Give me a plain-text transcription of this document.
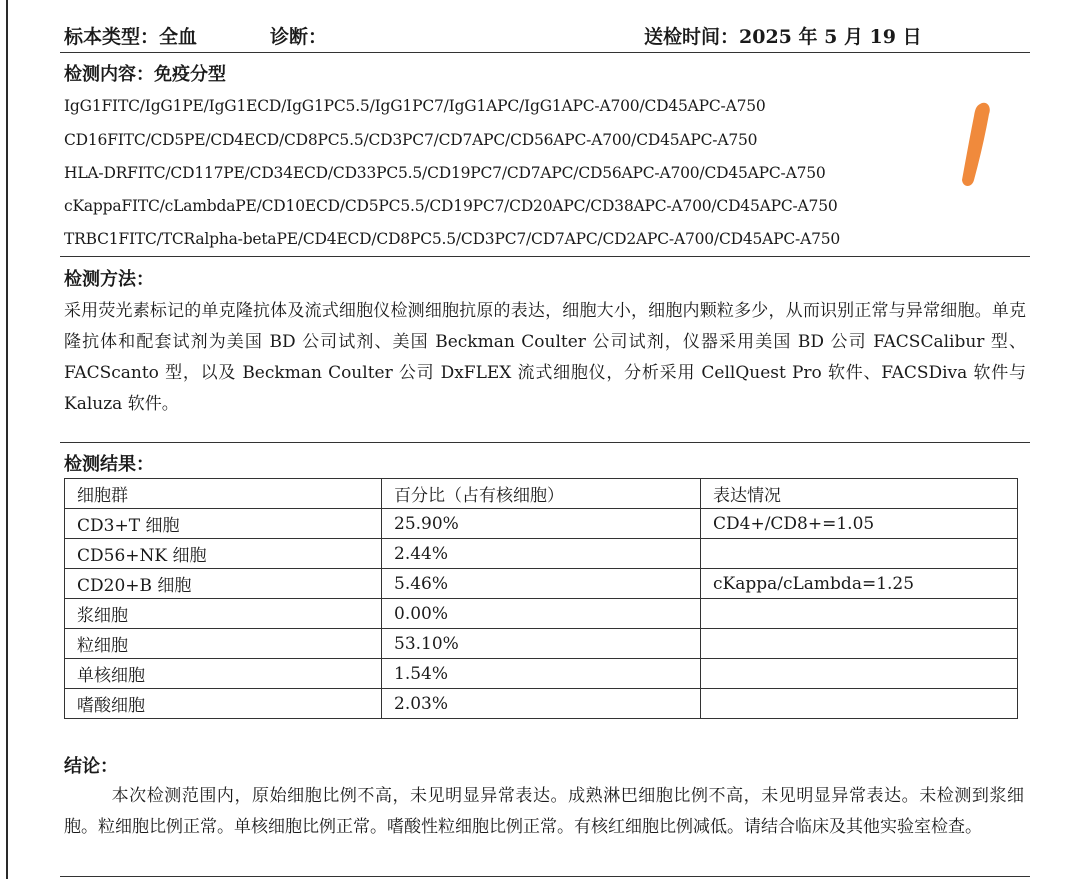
标本类型：全血	诊断：	送检时间：2025 年 5 月 19 日
检测内容：免疫分型
IgG1FITC/IgG1PE/IgG1ECD/IgG1PC5.5/IgG1PC7/IgG1APC/IgG1APC-A700/CD45APC-A750
CD16FITC/CD5PE/CD4ECD/CD8PC5.5/CD3PC7/CD7APC/CD56APC-A700/CD45APC-A750
HLA-DRFITC/CD117PE/CD34ECD/CD33PC5.5/CD19PC7/CD7APC/CD56APC-A700/CD45APC-A750
cKappaFITC/cLambdaPE/CD10ECD/CD5PC5.5/CD19PC7/CD20APC/CD38APC-A700/CD45APC-A750
TRBC1FITC/TCRalpha-betaPE/CD4ECD/CD8PC5.5/CD3PC7/CD7APC/CD2APC-A700/CD45APC-A750
检测方法：
采用荧光素标记的单克隆抗体及流式细胞仪检测细胞抗原的表达，细胞大小，细胞内颗粒多少，从而识别正常与异常细胞。单克隆抗体和配套试剂为美国 BD 公司试剂、美国 Beckman Coulter 公司试剂，仪器采用美国 BD 公司 FACSCalibur 型、FACScanto 型，以及 Beckman Coulter 公司 DxFLEX 流式细胞仪，分析采用 CellQuest Pro 软件、FACSDiva 软件与 Kaluza 软件。
检测结果：
细胞群	百分比（占有核细胞）	表达情况
CD3+T 细胞	25.90%	CD4+/CD8+=1.05
CD56+NK 细胞	2.44%	
CD20+B 细胞	5.46%	cKappa/cLambda=1.25
浆细胞	0.00%	
粒细胞	53.10%	
单核细胞	1.54%	
嗜酸细胞	2.03%	
结论：
本次检测范围内，原始细胞比例不高，未见明显异常表达。成熟淋巴细胞比例不高，未见明显异常表达。未检测到浆细胞。粒细胞比例正常。单核细胞比例正常。嗜酸性粒细胞比例正常。有核红细胞比例减低。请结合临床及其他实验室检查。
